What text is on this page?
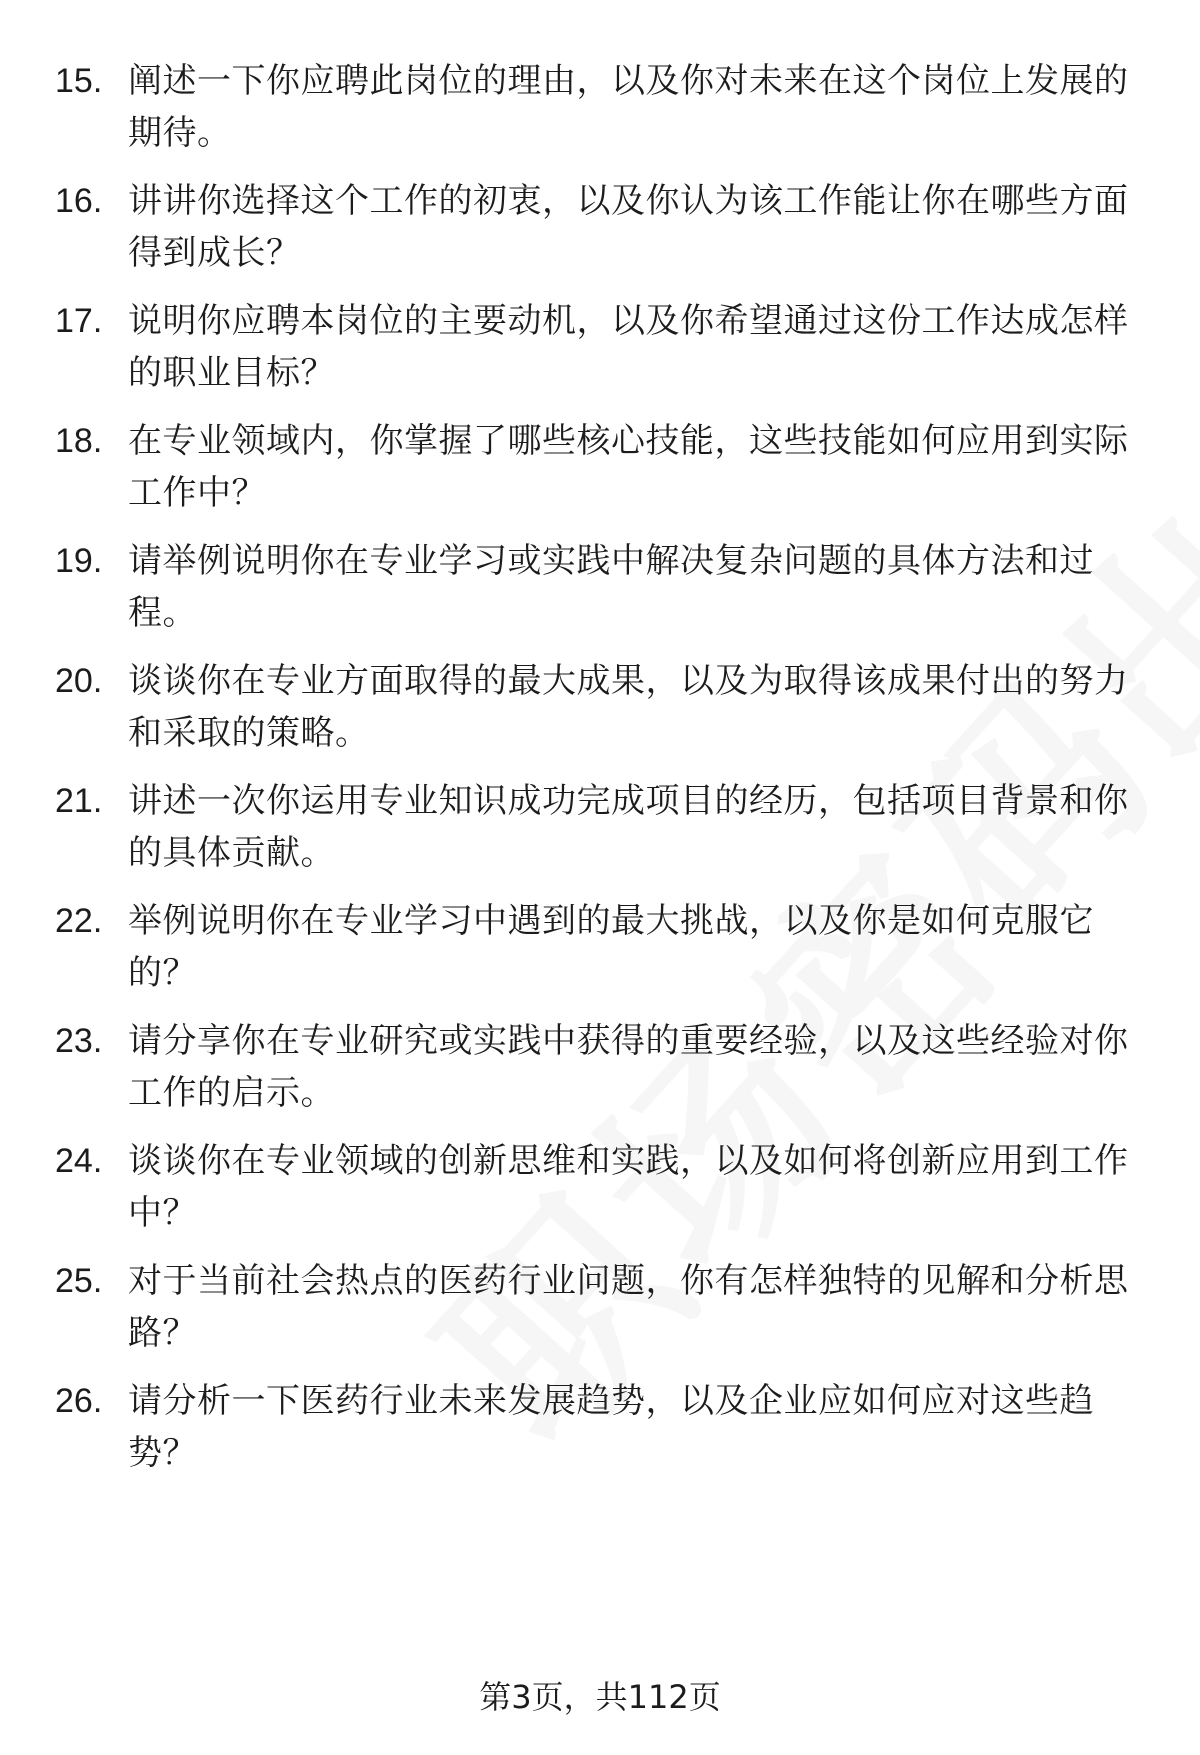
15. 阐述一下你应聘此岗位的理由，以及你对未来在这个岗位上发展的期待。
16. 讲讲你选择这个工作的初衷，以及你认为该工作能让你在哪些方面得到成长？
17. 说明你应聘本岗位的主要动机，以及你希望通过这份工作达成怎样的职业目标？
18. 在专业领域内，你掌握了哪些核心技能，这些技能如何应用到实际工作中？
19. 请举例说明你在专业学习或实践中解决复杂问题的具体方法和过程。
20. 谈谈你在专业方面取得的最大成果，以及为取得该成果付出的努力和采取的策略。
21. 讲述一次你运用专业知识成功完成项目的经历，包括项目背景和你的具体贡献。
22. 举例说明你在专业学习中遇到的最大挑战，以及你是如何克服它的？
23. 请分享你在专业研究或实践中获得的重要经验，以及这些经验对你工作的启示。
24. 谈谈你在专业领域的创新思维和实践，以及如何将创新应用到工作中？
25. 对于当前社会热点的医药行业问题，你有怎样独特的见解和分析思路？
26. 请分析一下医药行业未来发展趋势，以及企业应如何应对这些趋势？
第3页，共112页
